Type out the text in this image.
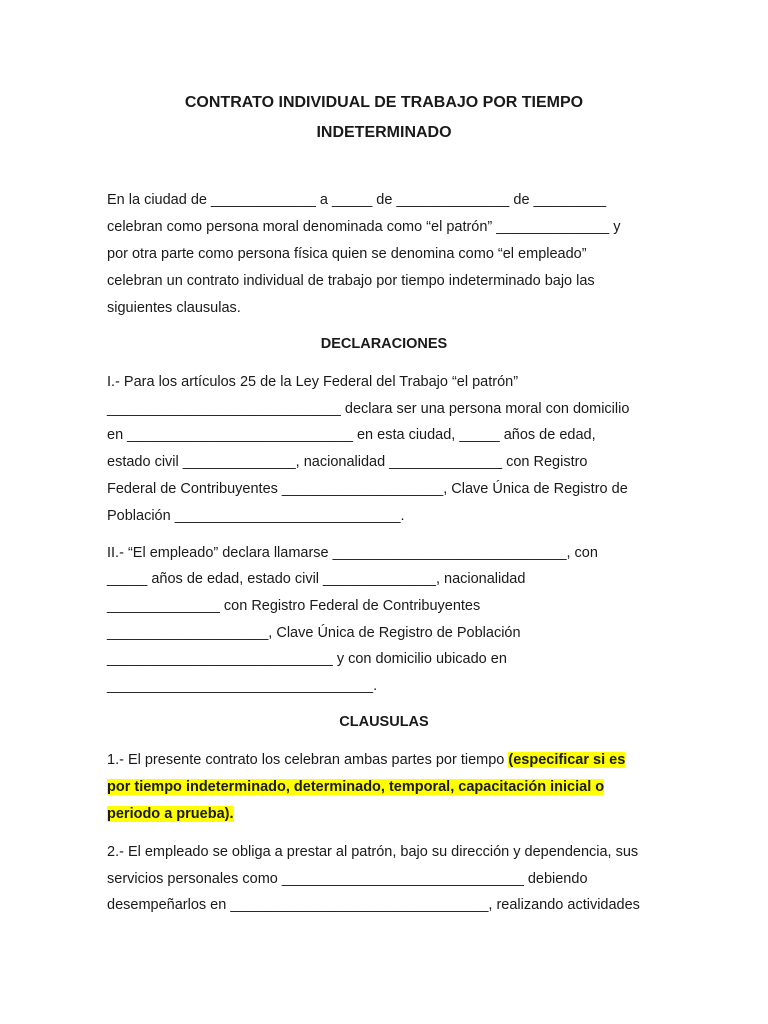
CONTRATO INDIVIDUAL DE TRABAJO POR TIEMPO

INDETERMINADO

En la ciudad de _____________ a _____ de ______________ de _________

celebran como persona moral denominada como “el patrón” ______________ y

por otra parte como persona física quien se denomina como “el empleado”

celebran un contrato individual de trabajo por tiempo indeterminado bajo las

siguientes clausulas.

DECLARACIONES

I.- Para los artículos 25 de la Ley Federal del Trabajo “el patrón”

_____________________________ declara ser una persona moral con domicilio

en ____________________________ en esta ciudad, _____ años de edad,

estado civil ______________, nacionalidad ______________ con Registro

Federal de Contribuyentes ____________________, Clave Única de Registro de

Población ____________________________.

II.- “El empleado” declara llamarse _____________________________, con

_____ años de edad, estado civil ______________, nacionalidad

______________ con Registro Federal de Contribuyentes

____________________, Clave Única de Registro de Población

____________________________ y con domicilio ubicado en

_________________________________.

CLAUSULAS

1.- El presente contrato los celebran ambas partes por tiempo (especificar si es

por tiempo indeterminado, determinado, temporal, capacitación inicial o

periodo a prueba).

2.- El empleado se obliga a prestar al patrón, bajo su dirección y dependencia, sus

servicios personales como ______________________________ debiendo

desempeñarlos en ________________________________, realizando actividades
